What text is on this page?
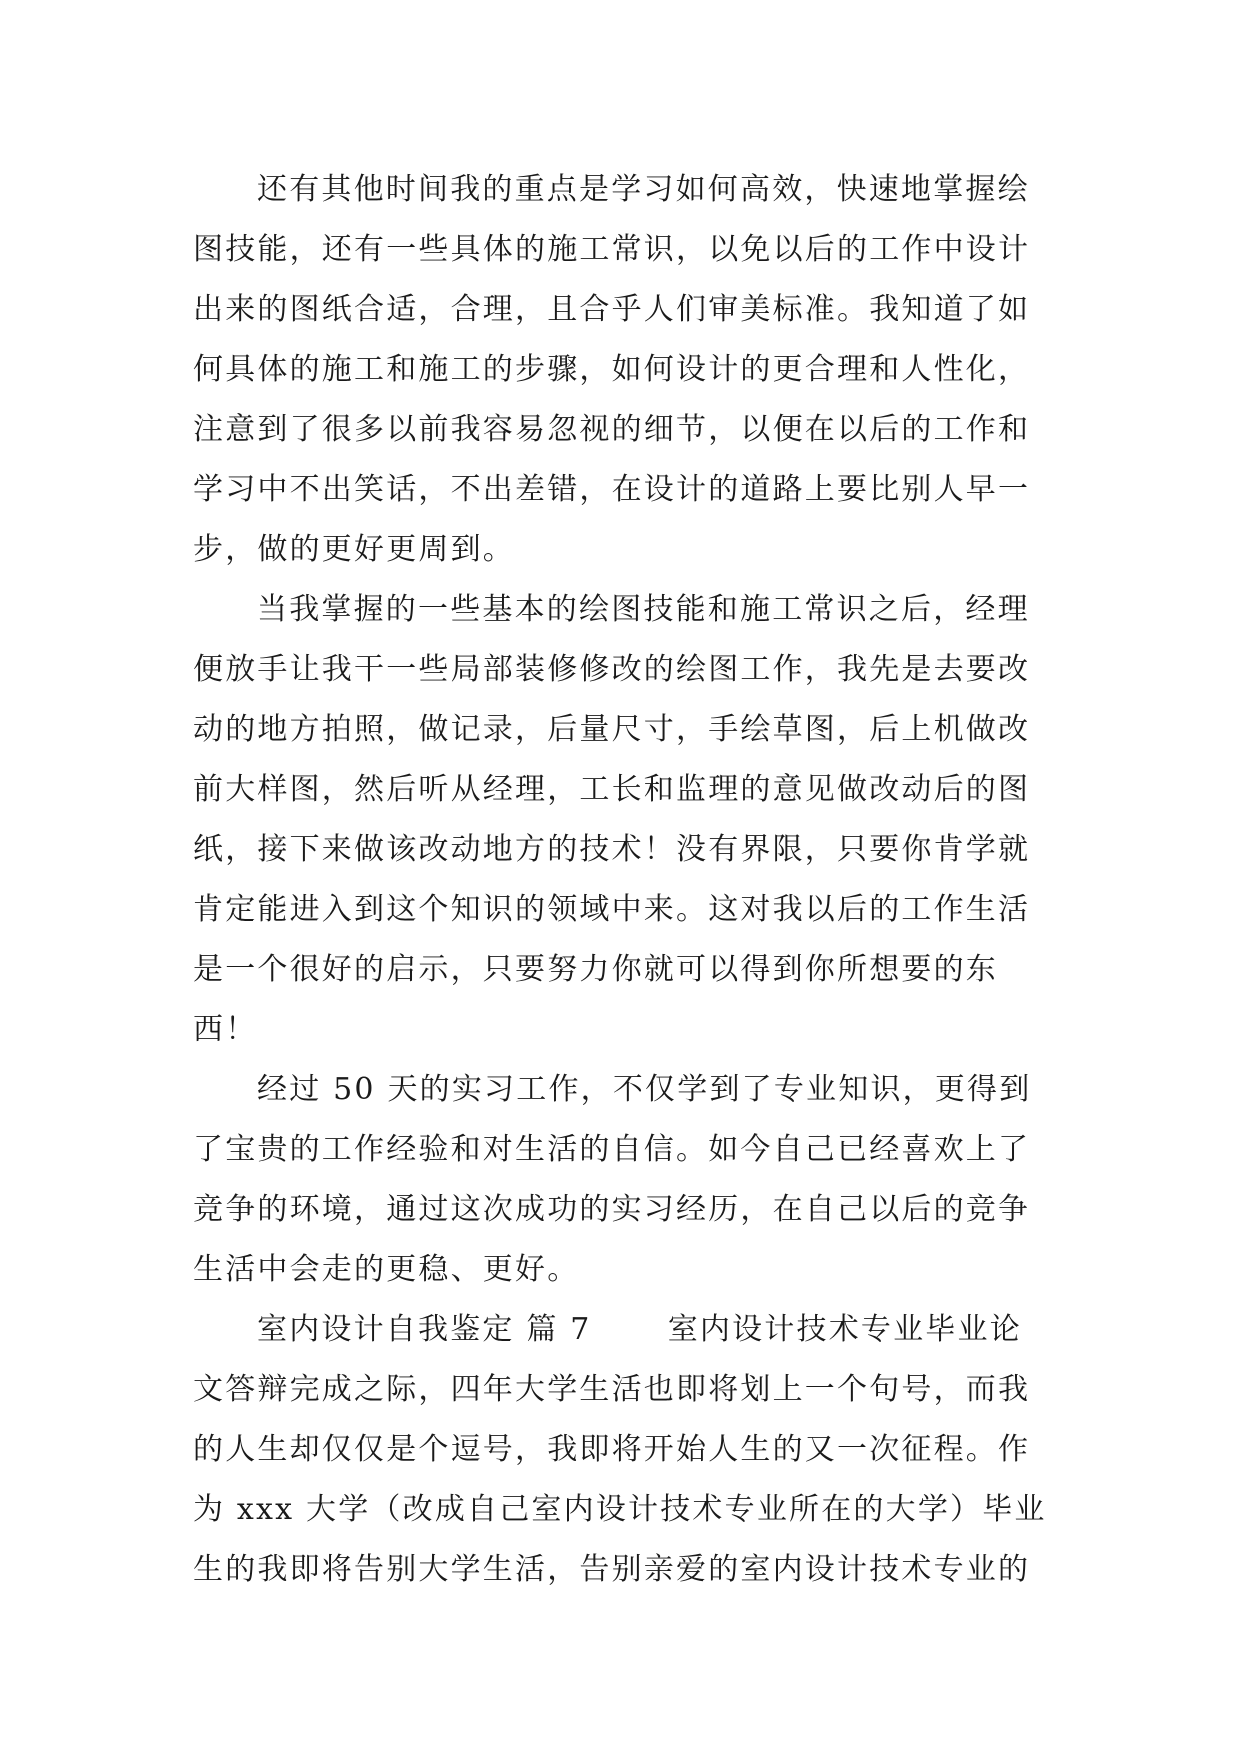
还有其他时间我的重点是学习如何高效，快速地掌握绘
图技能，还有一些具体的施工常识，以免以后的工作中设计
出来的图纸合适，合理，且合乎人们审美标准。我知道了如
何具体的施工和施工的步骤，如何设计的更合理和人性化，
注意到了很多以前我容易忽视的细节，以便在以后的工作和
学习中不出笑话，不出差错，在设计的道路上要比别人早一
步，做的更好更周到。
当我掌握的一些基本的绘图技能和施工常识之后，经理
便放手让我干一些局部装修修改的绘图工作，我先是去要改
动的地方拍照，做记录，后量尺寸，手绘草图，后上机做改
前大样图，然后听从经理，工长和监理的意见做改动后的图
纸，接下来做该改动地方的技术！没有界限，只要你肯学就
肯定能进入到这个知识的领域中来。这对我以后的工作生活
是一个很好的启示，只要努力你就可以得到你所想要的东
西！
经过 50 天的实习工作，不仅学到了专业知识，更得到
了宝贵的工作经验和对生活的自信。如今自己已经喜欢上了
竞争的环境，通过这次成功的实习经历，在自己以后的竞争
生活中会走的更稳、更好。
室内设计自我鉴定 篇 7　　 室内设计技术专业毕业论
文答辩完成之际，四年大学生活也即将划上一个句号，而我
的人生却仅仅是个逗号，我即将开始人生的又一次征程。作
为 xxx 大学（改成自己室内设计技术专业所在的大学）毕业
生的我即将告别大学生活，告别亲爱的室内设计技术专业的
